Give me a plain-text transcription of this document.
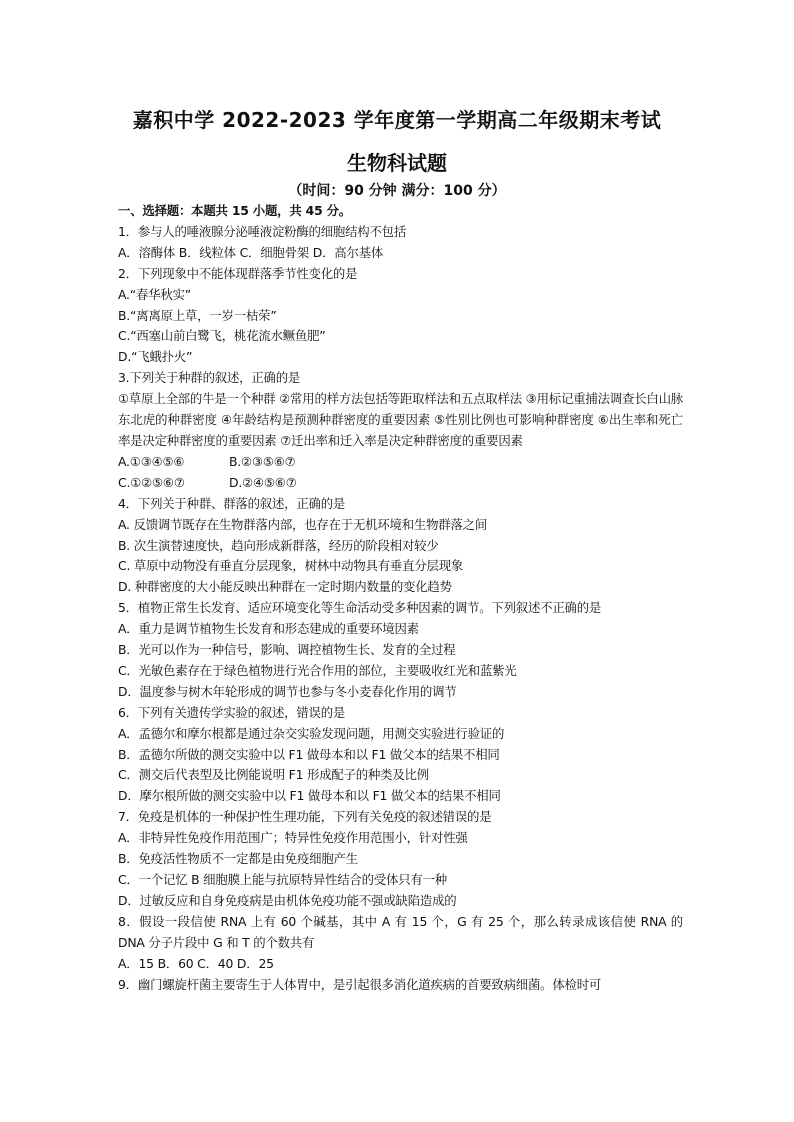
嘉积中学 2022-2023 学年度第一学期高二年级期末考试
生物科试题
（时间：90 分钟 满分：100 分）
一、选择题：本题共 15 小题，共 45 分。
1．参与人的唾液腺分泌唾液淀粉酶的细胞结构不包括
A．溶酶体 B．线粒体 C．细胞骨架 D．高尔基体
2．下列现象中不能体现群落季节性变化的是
A.“春华秋实”
B.“离离原上草，一岁一枯荣”
C.“西塞山前白鹭飞，桃花流水鳜鱼肥”
D.“飞蛾扑火”
3.下列关于种群的叙述，正确的是
①草原上全部的牛是一个种群 ②常用的样方法包括等距取样法和五点取样法 ③用标记重捕法调查长白山脉东北虎的种群密度 ④年龄结构是预测种群密度的重要因素 ⑤性别比例也可影响种群密度 ⑥出生率和死亡率是决定种群密度的重要因素 ⑦迁出率和迁入率是决定种群密度的重要因素
A.①③④⑤⑥	B.②③⑤⑥⑦
C.①②⑤⑥⑦	D.②④⑤⑥⑦
4．下列关于种群、群落的叙述，正确的是
A. 反馈调节既存在生物群落内部，也存在于无机环境和生物群落之间
B. 次生演替速度快，趋向形成新群落，经历的阶段相对较少
C. 草原中动物没有垂直分层现象，树林中动物具有垂直分层现象
D. 种群密度的大小能反映出种群在一定时期内数量的变化趋势
5．植物正常生长发育、适应环境变化等生命活动受多种因素的调节。下列叙述不正确的是
A．重力是调节植物生长发育和形态建成的重要环境因素
B．光可以作为一种信号，影响、调控植物生长、发育的全过程
C．光敏色素存在于绿色植物进行光合作用的部位，主要吸收红光和蓝紫光
D．温度参与树木年轮形成的调节也参与冬小麦春化作用的调节
6．下列有关遗传学实验的叙述，错误的是
A．孟德尔和摩尔根都是通过杂交实验发现问题，用测交实验进行验证的
B．孟德尔所做的测交实验中以 F1 做母本和以 F1 做父本的结果不相同
C．测交后代表型及比例能说明 F1 形成配子的种类及比例
D．摩尔根所做的测交实验中以 F1 做母本和以 F1 做父本的结果不相同
7．免疫是机体的一种保护性生理功能，下列有关免疫的叙述错误的是
A．非特异性免疫作用范围广；特异性免疫作用范围小，针对性强
B．免疫活性物质不一定都是由免疫细胞产生
C．一个记忆 B 细胞膜上能与抗原特异性结合的受体只有一种
D．过敏反应和自身免疫病是由机体免疫功能不强或缺陷造成的
8．假设一段信使 RNA 上有 60 个碱基，其中 A 有 15 个，G 有 25 个，那么转录成该信使 RNA 的 DNA 分子片段中 G 和 T 的个数共有
A．15 B．60 C．40 D．25
9．幽门螺旋杆菌主要寄生于人体胃中，是引起很多消化道疾病的首要致病细菌。体检时可
